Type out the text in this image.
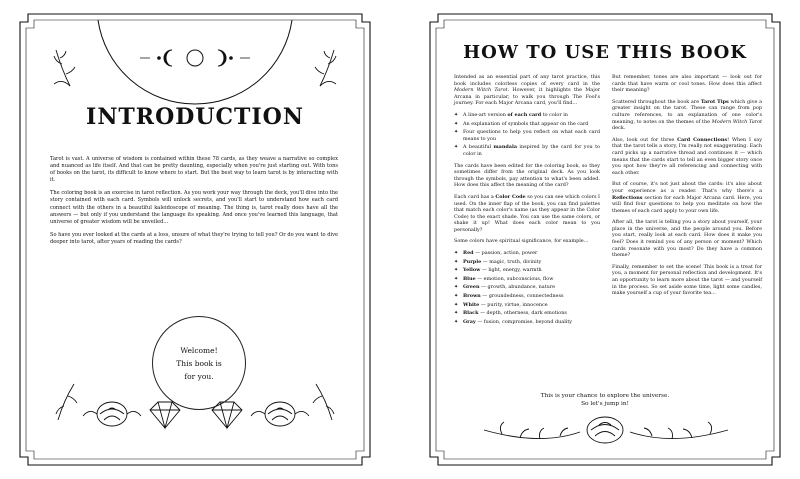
INTRODUCTION

Tarot is vast. A universe of wisdom is contained within these 78 cards, as they weave a narrative so complex and nuanced as life itself. And that can be pretty daunting, especially when you're just starting out. With tons of books on the tarot, its difficult to know where to start. But the best way to learn tarot is by interacting with it.

The coloring book is an exercise in tarot reflection. As you work your way through the deck, you'll dive into the story contained with each card. Symbols will unlock secrets, and you'll start to understand how each card connect with the others in a beautiful kaleidoscope of meaning. The thing is, tarot really does have all the answers — but only if you understand the language its speaking. And once you've learned this language, that universe of greater wisdom will be unveiled...

So have you ever looked at the cards at a loss, unsure of what they're trying to tell you? Or do you want to dive deeper into tarot, after years of reading the cards?

Welcome!
This book is
for you.
HOW TO USE THIS BOOK

Intended as an essential part of any tarot practice, this book includes colorless copies of every card in the Modern Witch Tarot. However, it highlights the Major Arcana in particular, to walk you through The Fool's journey. For each Major Arcana card, you'll find...

✦ A line-art version of each card to color in
✦ An explanation of symbols that appear on the card
✦ Four questions to help you reflect on what each card means to you
✦ A beautiful mandala inspired by the card for you to color in

The cards have been edited for the coloring book, so they sometimes differ from the original deck. As you look through the symbols, pay attention to what's been added. How does this affect the meaning of the card?

Each card has a Color Code so you can see which colors I used. On the inner flap of the book, you can find palettes that match each color's name (as they appear in the Color Code) to the exact shade. You can use the same colors, or shake it up! What does each color mean to you personally?

Some colors have spiritual significance, for example...

✦ Red — passion, action, power
✦ Purple — magic, truth, divinity
✦ Yellow — light, energy, warmth
✦ Blue — emotion, subconscious, flow
✦ Green — growth, abundance, nature
✦ Brown — groundedness, connectedness
✦ White — purity, virtue, innocence
✦ Black — depth, otherness, dark emotions
✦ Gray — fusion, compromise, beyond duality

But remember, tones are also important — look out for cards that have warm or cool tones. How does this affect their meaning?

Scattered throughout the book are Tarot Tips which give a greater insight on the tarot. These can range from pop culture references, to an explanation of one color's meaning, to notes on the themes of the Modern Witch Tarot deck.

Also, look out for three Card Connections! When I say that the tarot tells a story, I'm really not exaggerating. Each card picks up a narrative thread and continues it — which means that the cards start to tell an even bigger story once you spot how they're all referencing and connecting with each other.

But of course, it's not just about the cards: it's also about your experience as a reader. That's why there's a Reflections section for each Major Arcana card. Here, you will find four questions to help you meditate on how the themes of each card apply to your own life.

After all, the tarot is telling you a story about yourself, your place in the universe, and the people around you. Before you start, really look at each card. How does it make you feel? Does it remind you of any person or moment? Which cards resonate with you most? Do they have a common theme?

Finally, remember to set the scene! This book is a treat for you, a moment for personal reflection and development. It's an opportunity to learn more about the tarot — and yourself in the process. So set aside some time, light some candles, make yourself a cup of your favorite tea...

This is your chance to explore the universe.
So let's jump in!
